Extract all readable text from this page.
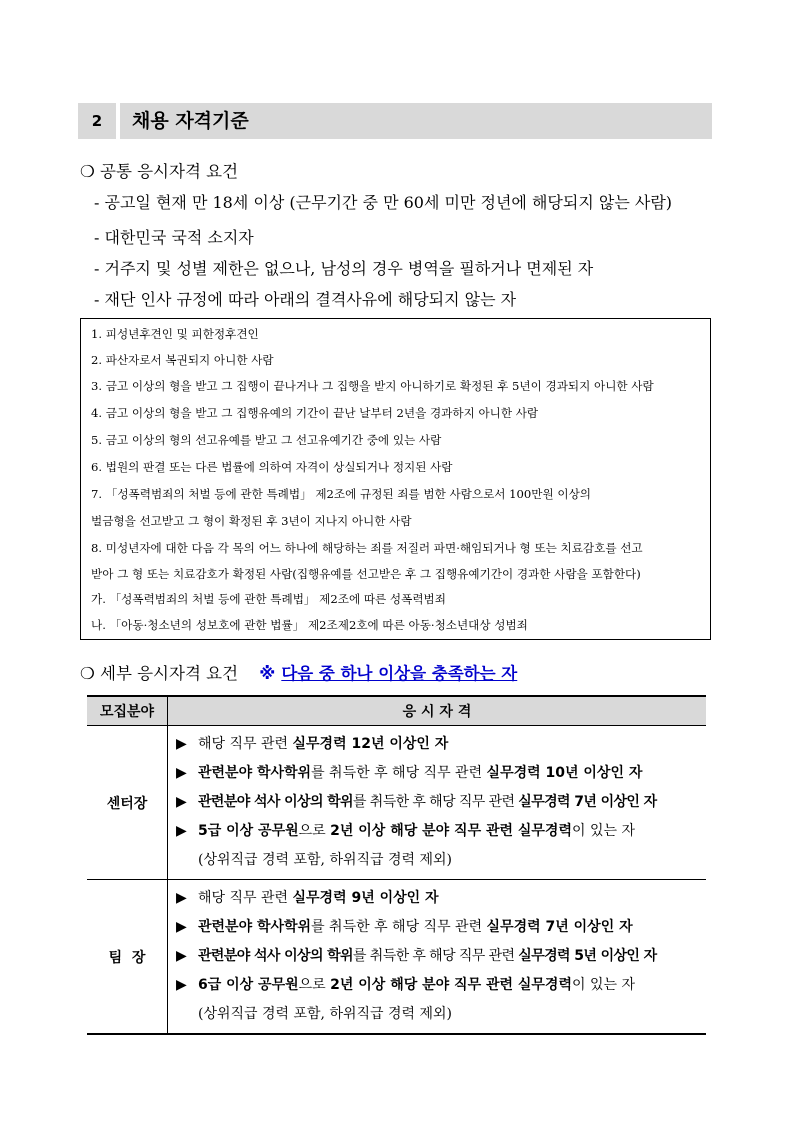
2	채용 자격기준
❍ 공통 응시자격 요건
- 공고일 현재 만 18세 이상 (근무기간 중 만 60세 미만 정년에 해당되지 않는 사람)
- 대한민국 국적 소지자
- 거주지 및 성별 제한은 없으나, 남성의 경우 병역을 필하거나 면제된 자
- 재단 인사 규정에 따라 아래의 결격사유에 해당되지 않는 자
1. 피성년후견인 및 피한정후견인
2. 파산자로서 복권되지 아니한 사람
3. 금고 이상의 형을 받고 그 집행이 끝나거나 그 집행을 받지 아니하기로 확정된 후 5년이 경과되지 아니한 사람
4. 금고 이상의 형을 받고 그 집행유예의 기간이 끝난 날부터 2년을 경과하지 아니한 사람
5. 금고 이상의 형의 선고유예를 받고 그 선고유예기간 중에 있는 사람
6. 법원의 판결 또는 다른 법률에 의하여 자격이 상실되거나 정지된 사람
7. 「성폭력범죄의 처벌 등에 관한 특례법」 제2조에 규정된 죄를 범한 사람으로서 100만원 이상의
벌금형을 선고받고 그 형이 확정된 후 3년이 지나지 아니한 사람
8. 미성년자에 대한 다음 각 목의 어느 하나에 해당하는 죄를 저질러 파면·해임되거나 형 또는 치료감호를 선고
받아 그 형 또는 치료감호가 확정된 사람(집행유예를 선고받은 후 그 집행유예기간이 경과한 사람을 포함한다)
가. 「성폭력범죄의 처벌 등에 관한 특례법」 제2조에 따른 성폭력범죄
나. 「아동·청소년의 성보호에 관한 법률」 제2조제2호에 따른 아동·청소년대상 성범죄
❍ 세부 응시자격 요건 ※ 다음 중 하나 이상을 충족하는 자
모집분야	응 시 자 격
센터장	▶ 해당 직무 관련 실무경력 12년 이상인 자
▶ 관련분야 학사학위를 취득한 후 해당 직무 관련 실무경력 10년 이상인 자
▶ 관련분야 석사 이상의 학위를 취득한 후 해당 직무 관련 실무경력 7년 이상인 자
▶ 5급 이상 공무원으로 2년 이상 해당 분야 직무 관련 실무경력이 있는 자
(상위직급 경력 포함, 하위직급 경력 제외)

팀  장	▶ 해당 직무 관련 실무경력 9년 이상인 자
▶ 관련분야 학사학위를 취득한 후 해당 직무 관련 실무경력 7년 이상인 자
▶ 관련분야 석사 이상의 학위를 취득한 후 해당 직무 관련 실무경력 5년 이상인 자
▶ 6급 이상 공무원으로 2년 이상 해당 분야 직무 관련 실무경력이 있는 자
(상위직급 경력 포함, 하위직급 경력 제외)
